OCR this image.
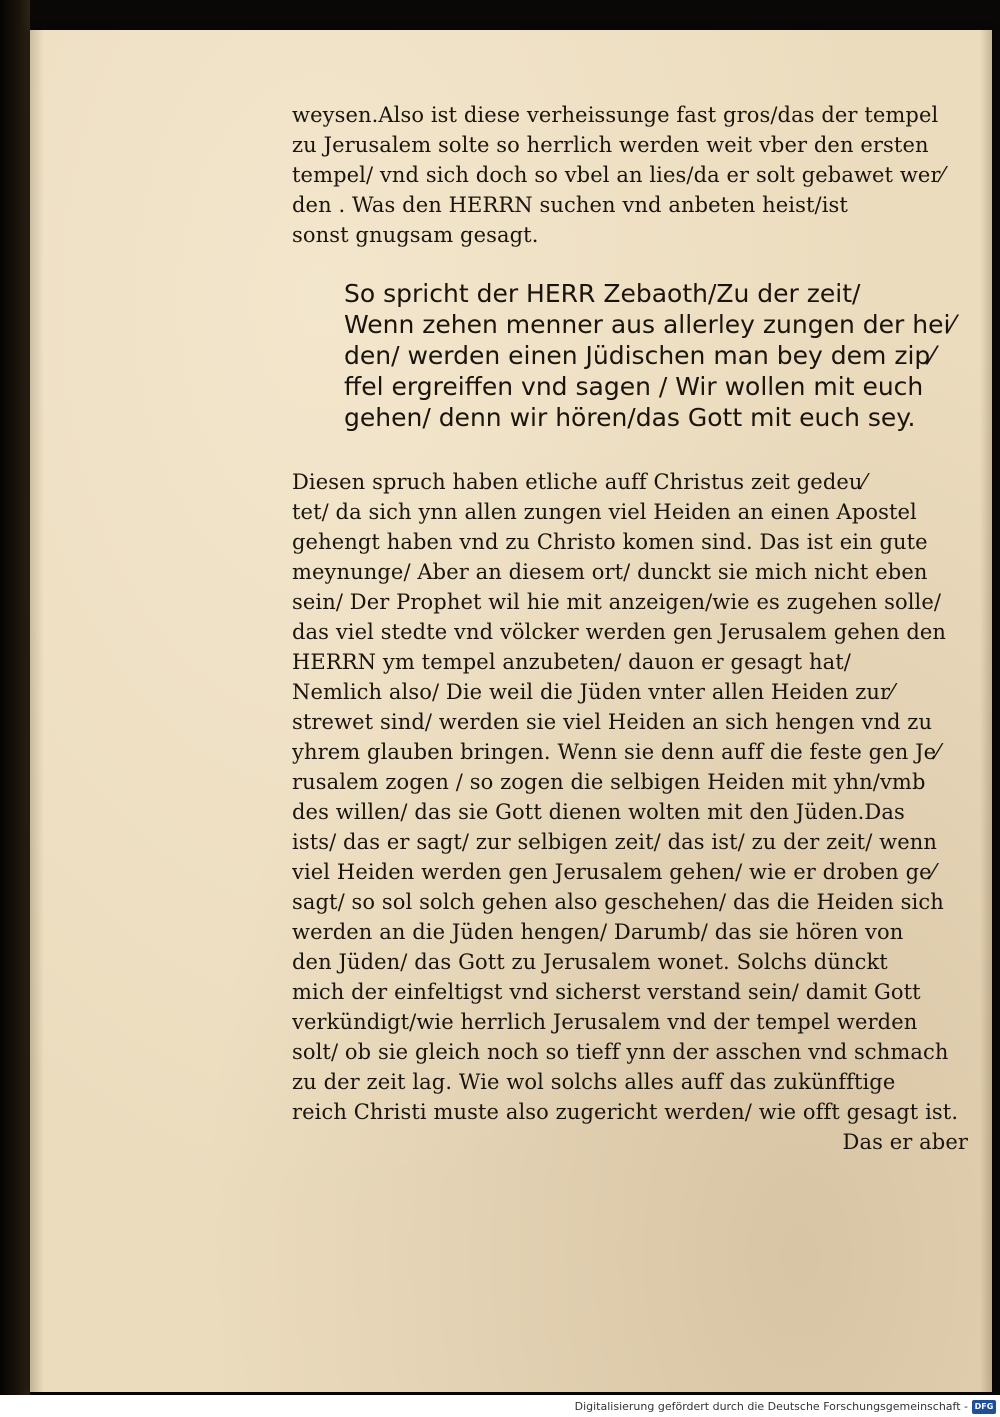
weysen.Also ist diese verheissunge fast gros/das der tempel
zu Jerusalem solte so herrlich werden weit vber den ersten
tempel/ vnd sich doch so vbel an lies/da er solt gebawet wer⁄
den . Was den HERRN suchen vnd anbeten heist/ist
sonst gnugsam gesagt.

So spricht der HERR Zebaoth/Zu der zeit/
Wenn zehen menner aus allerley zungen der hei⁄
den/ werden einen Jüdischen man bey dem zip⁄
ffel ergreiffen vnd sagen / Wir wollen mit euch
gehen/ denn wir hören/das Gott mit euch sey.

Diesen spruch haben etliche auff Christus zeit gedeu⁄
tet/ da sich ynn allen zungen viel Heiden an einen Apostel
gehengt haben vnd zu Christo komen sind. Das ist ein gute
meynunge/ Aber an diesem ort/ dunckt sie mich nicht eben
sein/ Der Prophet wil hie mit anzeigen/wie es zugehen solle/
das viel stedte vnd völcker werden gen Jerusalem gehen den
HERRN ym tempel anzubeten/ dauon er gesagt hat/
Nemlich also/ Die weil die Jüden vnter allen Heiden zur⁄
strewet sind/ werden sie viel Heiden an sich hengen vnd zu
yhrem glauben bringen. Wenn sie denn auff die feste gen Je⁄
rusalem zogen / so zogen die selbigen Heiden mit yhn/vmb
des willen/ das sie Gott dienen wolten mit den Jüden.Das
ists/ das er sagt/ zur selbigen zeit/ das ist/ zu der zeit/ wenn
viel Heiden werden gen Jerusalem gehen/ wie er droben ge⁄
sagt/ so sol solch gehen also geschehen/ das die Heiden sich
werden an die Jüden hengen/ Darumb/ das sie hören von
den Jüden/ das Gott zu Jerusalem wonet. Solchs dünckt
mich der einfeltigst vnd sicherst verstand sein/ damit Gott
verkündigt/wie herrlich Jerusalem vnd der tempel werden
solt/ ob sie gleich noch so tieff ynn der asschen vnd schmach
zu der zeit lag. Wie wol solchs alles auff das zukünfftige
reich Christi muste also zugericht werden/ wie offt gesagt ist.
Das er aber

Digitalisierung gefördert durch die Deutsche Forschungsgemeinschaft - DFG
